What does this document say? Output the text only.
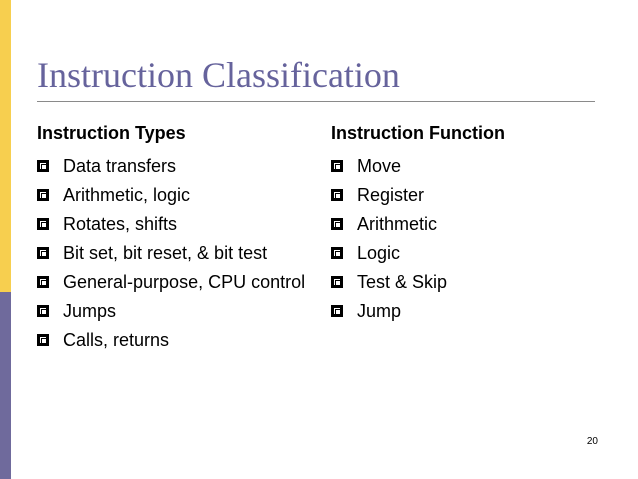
Instruction Classification
Instruction Types
Data transfers
Arithmetic, logic
Rotates, shifts
Bit set, bit reset, & bit test
General-purpose, CPU control
Jumps
Calls, returns
Instruction Function
Move
Register
Arithmetic
Logic
Test & Skip
Jump
20
